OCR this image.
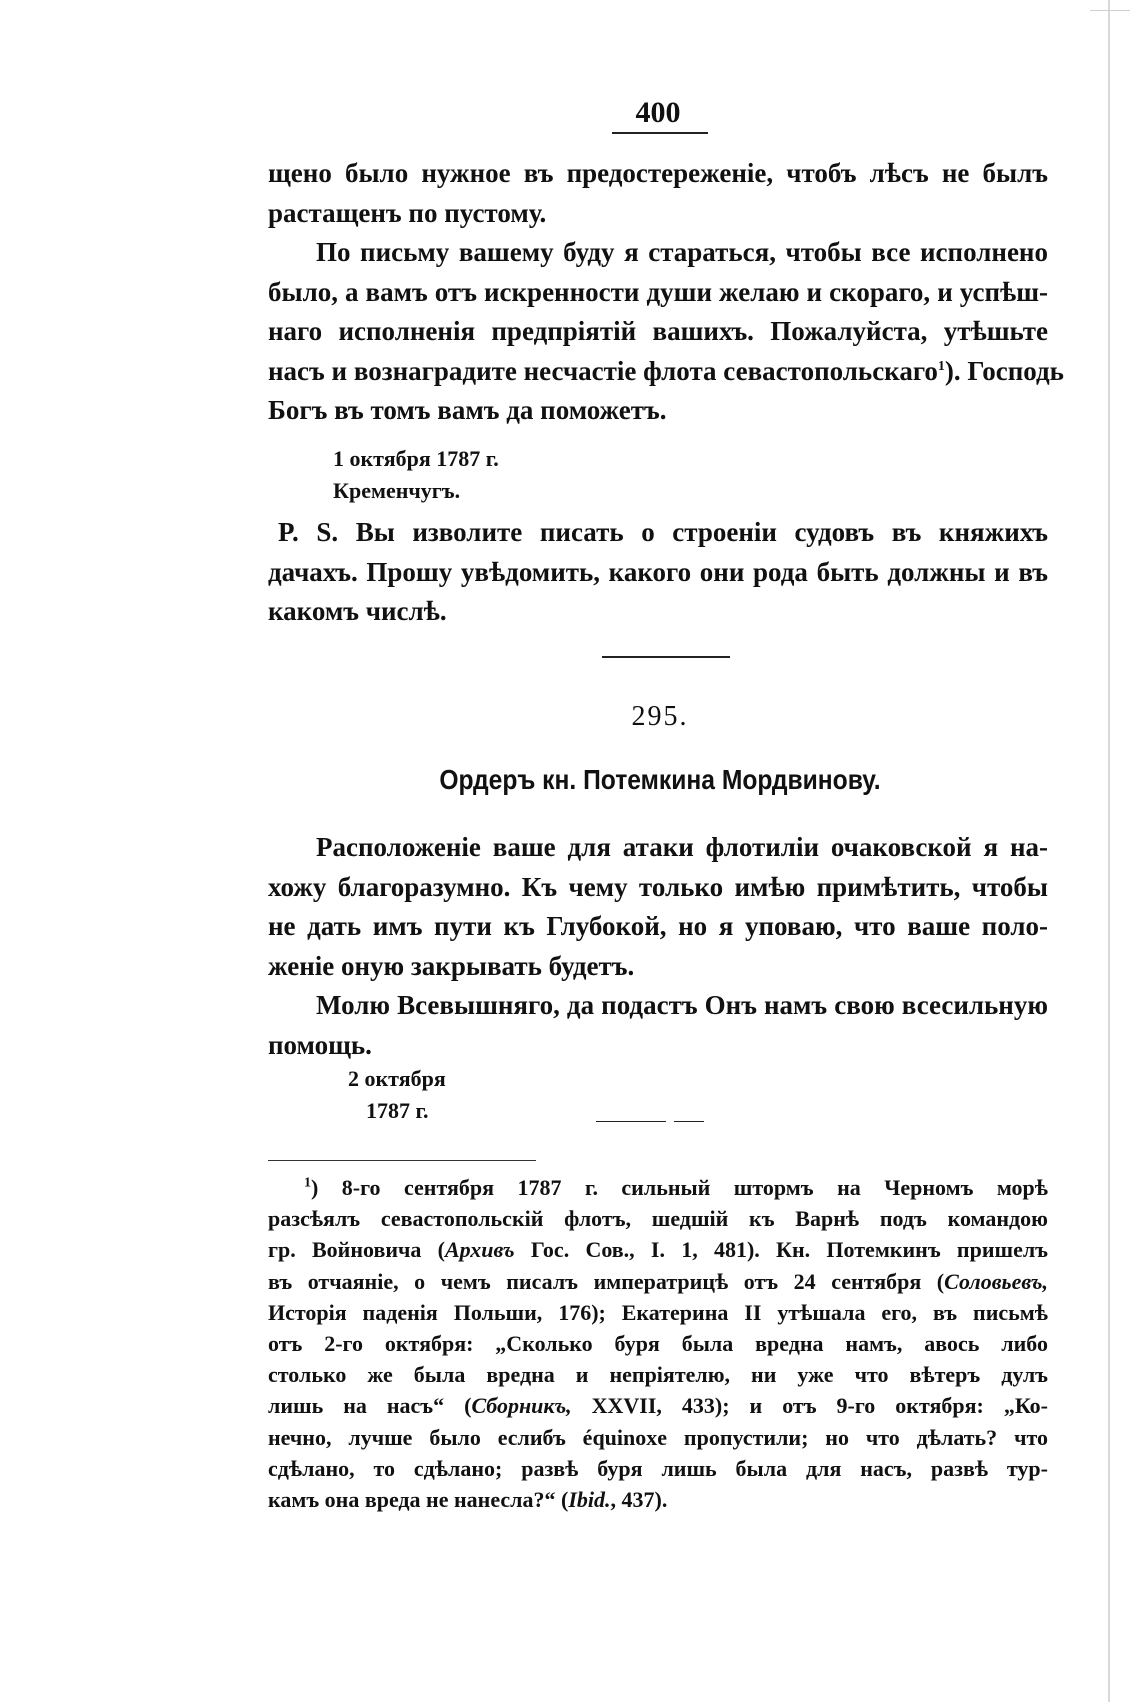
400
щено было нужное въ предостереженіе, чтобъ лѣсъ не былъ
растащенъ по пустому.
По письму вашему буду я стараться, чтобы все исполнено
было, а вамъ отъ искренности души желаю и скораго, и успѣш-
наго исполненія предпріятій вашихъ. Пожалуйста, утѣшьте
насъ и вознаградите несчастіе флота севастопольскаго$^1$). Господь
Богъ въ томъ вамъ да поможетъ.
1 октября 1787 г.
Кременчугъ.
P. S. Вы изволите писать о строеніи судовъ въ княжихъ
дачахъ. Прошу увѣдомить, какого они рода быть должны и въ
какомъ числѣ.
295.
Ордеръ кн. Потемкина Мордвинову.
Расположеніе ваше для атаки флотиліи очаковской я на-
хожу благоразумно. Къ чему только имѣю примѣтить, чтобы
не дать имъ пути къ Глубокой, но я уповаю, что ваше поло-
женіе оную закрывать будетъ.
Молю Всевышняго, да подастъ Онъ намъ свою всесильную
помощь.
2 октября
1787 г.
$^1$) 8-го сентября 1787 г. сильный штормъ на Черномъ морѣ
разсѣялъ севастопольскій флотъ, шедшій къ Варнѣ подъ командою
гр. Войновича (Архивъ Гос. Сов., I. 1, 481). Кн. Потемкинъ пришелъ
въ отчаяніе, о чемъ писалъ императрицѣ отъ 24 сентября (Соловьевъ,
Исторія паденія Польши, 176); Екатерина II утѣшала его, въ письмѣ
отъ 2-го октября: „Сколько буря была вредна намъ, авось либо
столько же была вредна и непріятелю, ни уже что вѣтеръ дулъ
лишь на насъ“ (Сборникъ, XXVII, 433); и отъ 9-го октября: „Ко-
нечно, лучше было еслибъ équinoxe пропустили; но что дѣлать? что
сдѣлано, то сдѣлано; развѣ буря лишь была для насъ, развѣ тур-
камъ она вреда не нанесла?“ (Ibid., 437).
